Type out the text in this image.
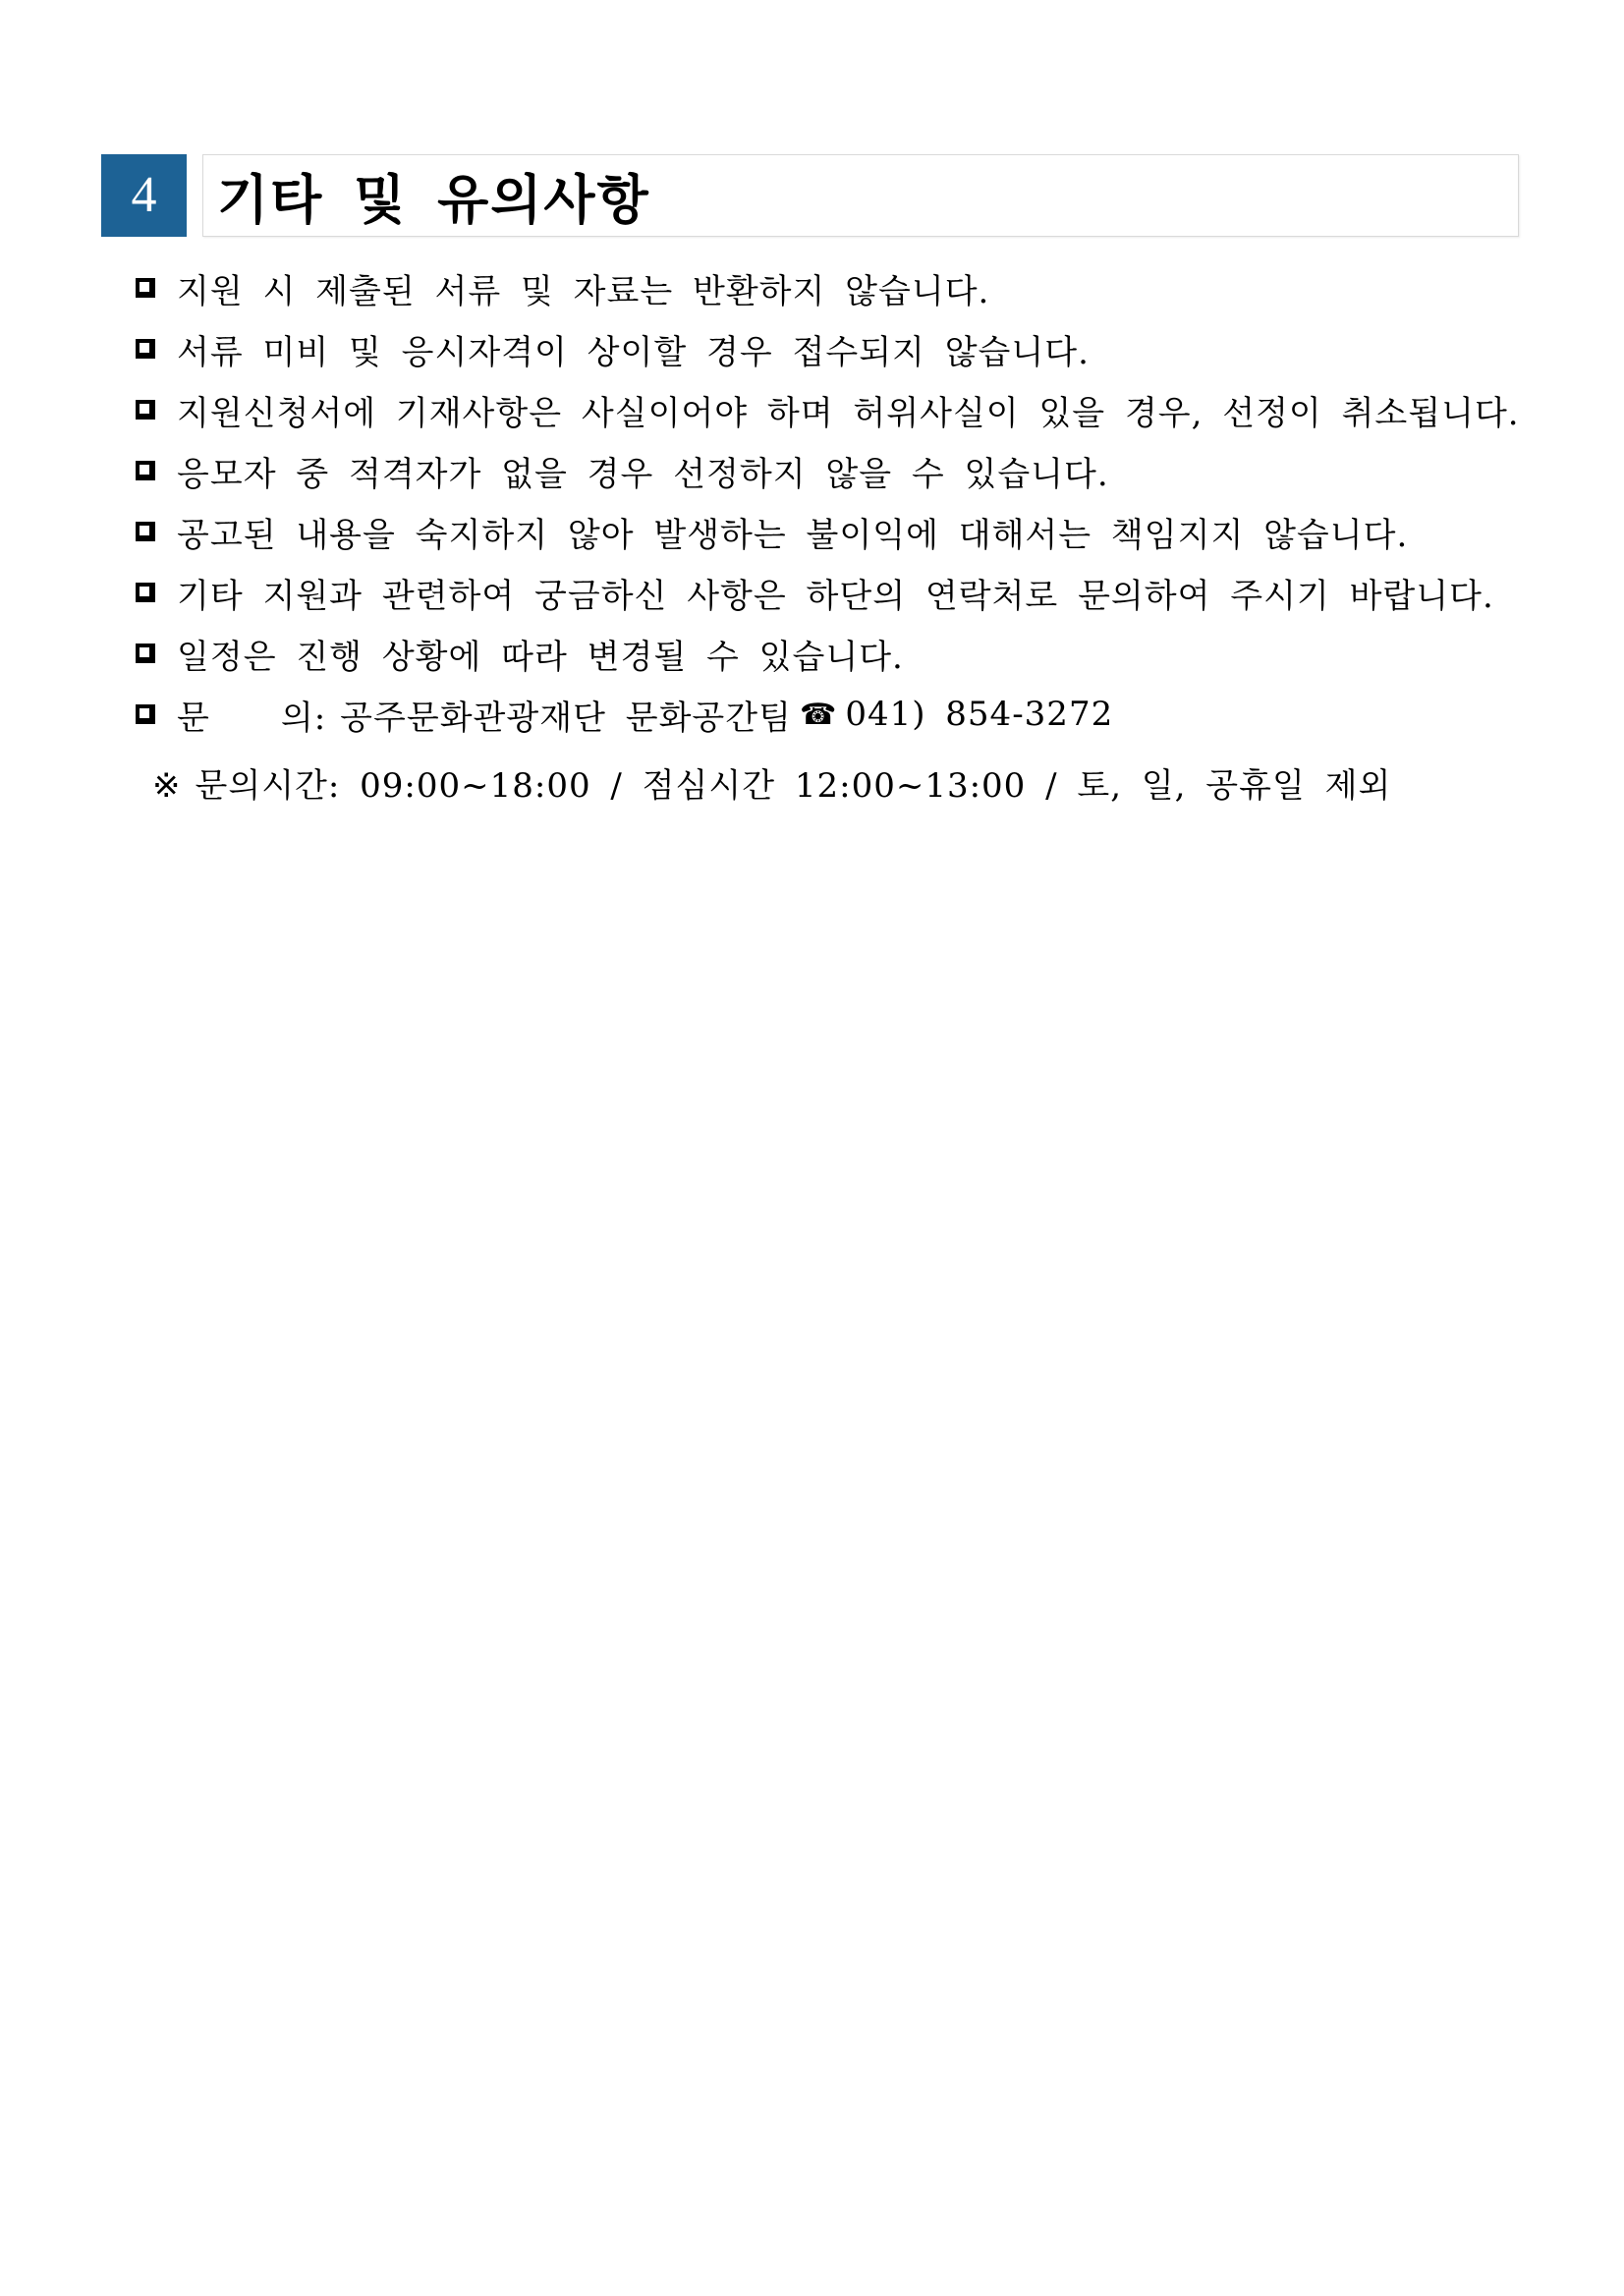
4	기타 및 유의사항
지원 시 제출된 서류 및 자료는 반환하지 않습니다.
서류 미비 및 응시자격이 상이할 경우 접수되지 않습니다.
지원신청서에 기재사항은 사실이어야 하며 허위사실이 있을 경우, 선정이 취소됩니다.
응모자 중 적격자가 없을 경우 선정하지 않을 수 있습니다.
공고된 내용을 숙지하지 않아 발생하는 불이익에 대해서는 책임지지 않습니다.
기타 지원과 관련하여 궁금하신 사항은 하단의 연락처로 문의하여 주시기 바랍니다.
일정은 진행 상황에 따라 변경될 수 있습니다.
문 의: 공주문화관광재단 문화공간팀 ☎ 041) 854-3272
※ 문의시간: 09:00~18:00 / 점심시간 12:00~13:00 / 토, 일, 공휴일 제외
